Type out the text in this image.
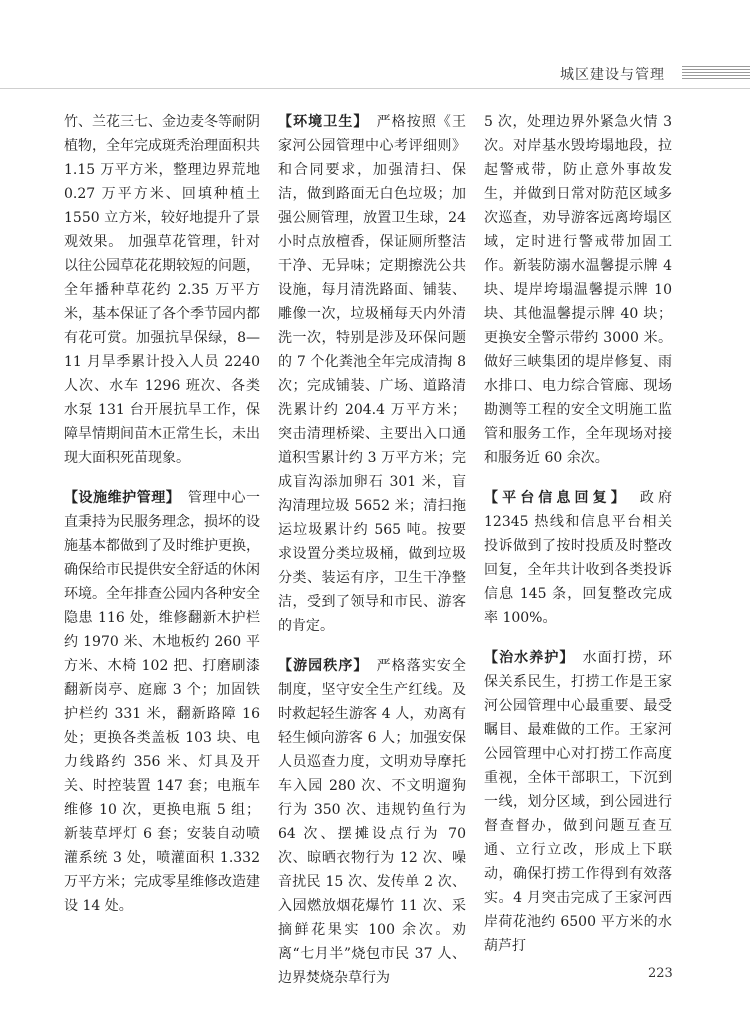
城区建设与管理

竹、兰花三七、金边麦冬等耐阴植物，全年完成斑秃治理面积共 1.15 万平方米，整理边界荒地 0.27 万平方米、回填种植土 1550 立方米，较好地提升了景观效果。 加强草花管理，针对以往公园草花花期较短的问题，全年播种草花约 2.35 万平方米，基本保证了各个季节园内都有花可赏。加强抗旱保绿，8—11 月旱季累计投入人员 2240 人次、水车 1296 班次、各类水泵 131 台开展抗旱工作，保障旱情期间苗木正常生长，未出现大面积死苗现象。

【设施维护管理】　管理中心一直秉持为民服务理念，损坏的设施基本都做到了及时维护更换，确保给市民提供安全舒适的休闲环境。全年排查公园内各种安全隐患 116 处，维修翻新木护栏约 1970 米、木地板约 260 平方米、木椅 102 把、打磨刷漆翻新岗亭、庭廊 3 个；加固铁护栏约 331 米，翻新路障 16 处；更换各类盖板 103 块、电力线路约 356 米、灯具及开关、时控装置 147 套；电瓶车维修 10 次，更换电瓶 5 组；新装草坪灯 6 套；安装自动喷灌系统 3 处，喷灌面积 1.332 万平方米；完成零星维修改造建设 14 处。

【环境卫生】　严格按照《王家河公园管理中心考评细则》和合同要求，加强清扫、保洁，做到路面无白色垃圾；加强公厕管理，放置卫生球，24 小时点放檀香，保证厕所整洁干净、无异味；定期擦洗公共设施，每月清洗路面、铺装、雕像一次，垃圾桶每天内外清洗一次，特别是涉及环保问题的 7 个化粪池全年完成清掏 8 次；完成铺装、广场、道路清洗累计约 204.4 万平方米；突击清理桥梁、主要出入口通道积雪累计约 3 万平方米；完成盲沟添加卵石 301 米，盲沟清理垃圾 5652 米；清扫拖运垃圾累计约 565 吨。按要求设置分类垃圾桶，做到垃圾分类、装运有序，卫生干净整洁，受到了领导和市民、游客的肯定。

【游园秩序】　严格落实安全制度，坚守安全生产红线。及时救起轻生游客 4 人，劝离有轻生倾向游客 6 人；加强安保人员巡查力度，文明劝导摩托车入园 280 次、不文明遛狗行为 350 次、违规钓鱼行为 64 次、摆摊设点行为 70 次、晾晒衣物行为 12 次、噪音扰民 15 次、发传单 2 次、入园燃放烟花爆竹 11 次、采摘鲜花果实 100 余次。劝离“七月半”烧包市民 37 人、边界焚烧杂草行为

5 次，处理边界外紧急火情 3 次。对岸基水毁垮塌地段，拉起警戒带，防止意外事故发生，并做到日常对防范区域多次巡查，劝导游客远离垮塌区域，定时进行警戒带加固工作。新装防溺水温馨提示牌 4 块、堤岸垮塌温馨提示牌 10 块、其他温馨提示牌 40 块；更换安全警示带约 3000 米。做好三峡集团的堤岸修复、雨水排口、电力综合管廊、现场勘测等工程的安全文明施工监管和服务工作，全年现场对接和服务近 60 余次。

【平台信息回复】　政府 12345 热线和信息平台相关投诉做到了按时投质及时整改回复，全年共计收到各类投诉信息 145 条，回复整改完成率 100%。

【治水养护】　水面打捞，环保关系民生，打捞工作是王家河公园管理中心最重要、最受瞩目、最难做的工作。王家河公园管理中心对打捞工作高度重视，全体干部职工，下沉到一线，划分区域，到公园进行督查督办，做到问题互查互通、立行立改，形成上下联动，确保打捞工作得到有效落实。4 月突击完成了王家河西岸荷花池约 6500 平方米的水葫芦打

223
